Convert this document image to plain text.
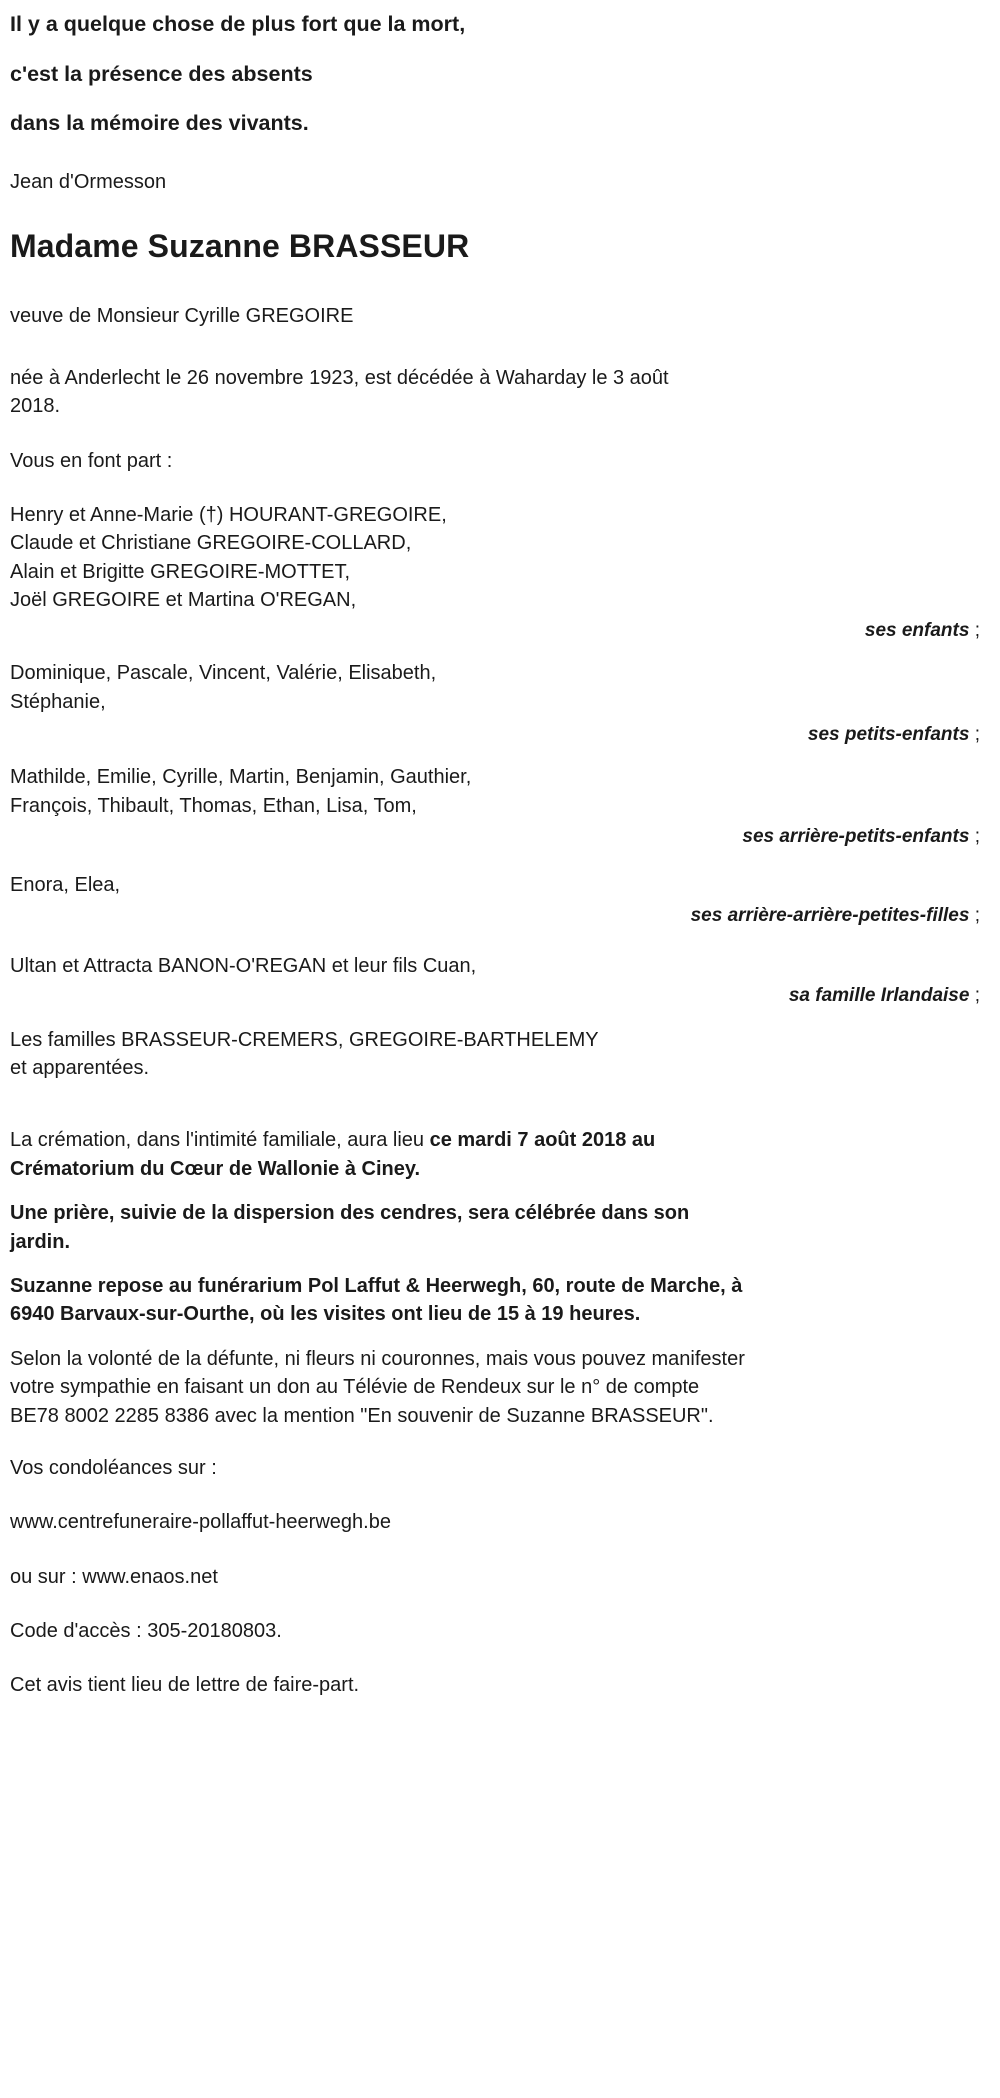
Il y a quelque chose de plus fort que la mort,
c'est la présence des absents
dans la mémoire des vivants.
Jean d'Ormesson
Madame Suzanne BRASSEUR
veuve de Monsieur Cyrille GREGOIRE
née à Anderlecht le 26 novembre 1923, est décédée à Waharday le 3 août 2018.
Vous en font part :
Henry et Anne-Marie (†) HOURANT-GREGOIRE,
Claude et Christiane GREGOIRE-COLLARD,
Alain et Brigitte GREGOIRE-MOTTET,
Joël GREGOIRE et Martina O'REGAN,
ses enfants ;
Dominique, Pascale, Vincent, Valérie, Elisabeth,
Stéphanie,
ses petits-enfants ;
Mathilde, Emilie, Cyrille, Martin, Benjamin, Gauthier,
François, Thibault, Thomas, Ethan, Lisa, Tom,
ses arrière-petits-enfants ;
Enora, Elea,
ses arrière-arrière-petites-filles ;
Ultan et Attracta BANON-O'REGAN et leur fils Cuan,
sa famille Irlandaise ;
Les familles BRASSEUR-CREMERS, GREGOIRE-BARTHELEMY
et apparentées.

La crémation, dans l'intimité familiale, aura lieu ce mardi 7 août 2018 au Crématorium du Cœur de Wallonie à Ciney.

Une prière, suivie de la dispersion des cendres, sera célébrée dans son jardin.

Suzanne repose au funérarium Pol Laffut & Heerwegh, 60, route de Marche, à 6940 Barvaux-sur-Ourthe, où les visites ont lieu de 15 à 19 heures.

Selon la volonté de la défunte, ni fleurs ni couronnes, mais vous pouvez manifester votre sympathie en faisant un don au Télévie de Rendeux sur le n° de compte BE78 8002 2285 8386 avec la mention "En souvenir de Suzanne BRASSEUR".

Vos condoléances sur :

www.centrefuneraire-pollaffut-heerwegh.be

ou sur : www.enaos.net

Code d'accès : 305-20180803.

Cet avis tient lieu de lettre de faire-part.
